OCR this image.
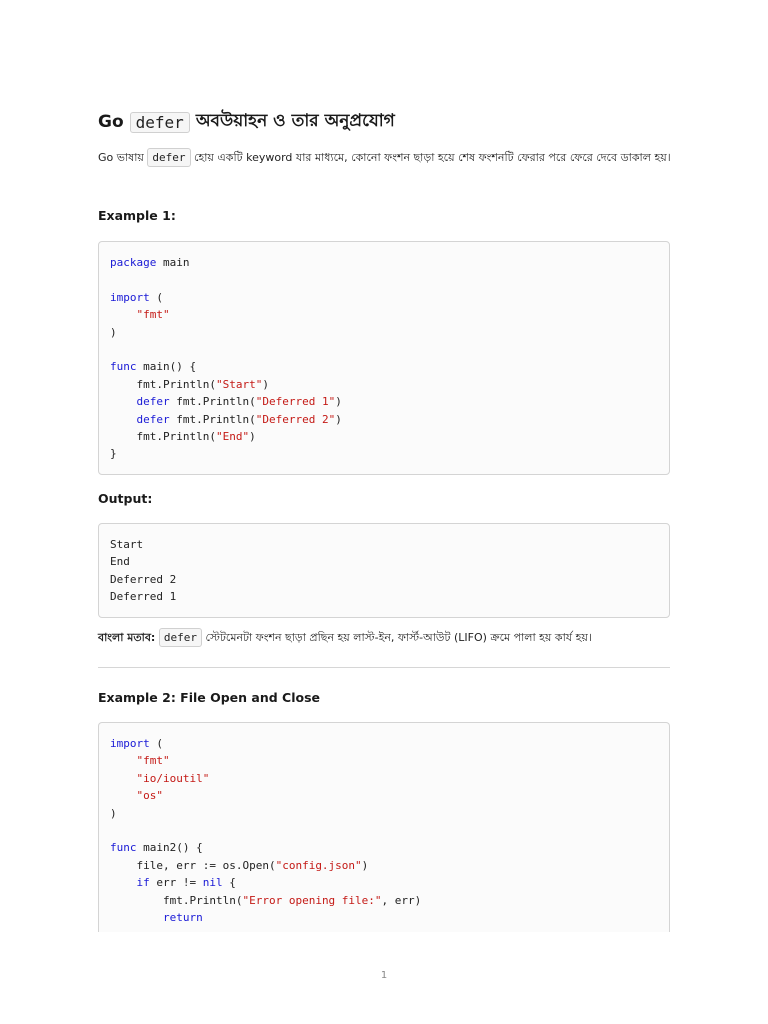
Go defer অবউয়াহন ও তার অনুপ্রযোগ

Go ভাষায় defer হোয় একটি keyword যার মাধ্যমে, কোনো ফংশন ছাড়া হয়ে শেষ ফংশনটি ফেরার পরে ফেরে দেবে ডাকাল হয়।

Example 1:
package main
import (
"fmt"
)
func main() {
fmt.Println("Start")
defer fmt.Println("Deferred 1")
defer fmt.Println("Deferred 2")
fmt.Println("End")
}
Output:
Start
End
Deferred 2
Deferred 1

বাংলা মতাব: defer স্টেটমেনটা ফংশন ছাড়া প্রছিন হয় লাস্ট-ইন, ফার্স্ট-আউট (LIFO) ক্রমে পালা হয় কার্য হয়।

Example 2: File Open and Close
import (
"fmt"
"io/ioutil"
"os"
)
func main2() {
file, err := os.Open("config.json")
if err != nil {
fmt.Println("Error opening file:", err)
return
1
